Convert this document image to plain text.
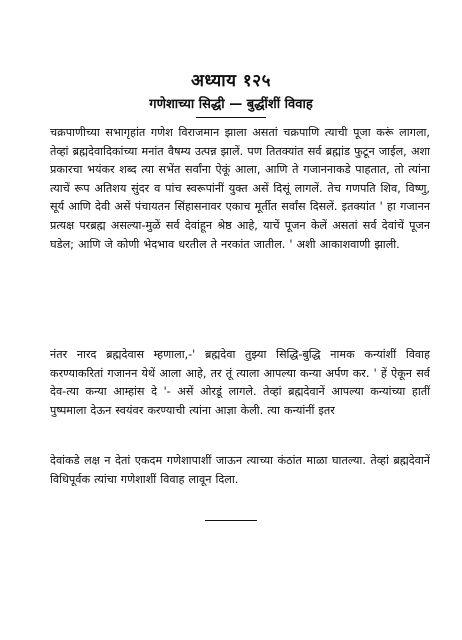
अध्याय १२५
गणेशाच्या सिद्धी — बुद्धींशीं विवाह

चक्रपाणीच्या सभागृहांत गणेश विराजमान झाला असतां चक्रपाणि त्याची पूजा करूं लागला, तेव्हां ब्रह्मदेवादिकांच्या मनांत वैषम्य उत्पन्न झालें. पण तितक्यांत सर्व ब्रह्मांड फुटून जाईल, अशा प्रकारचा भयंकर शब्द त्या सभेंत सर्वांना ऐकूं आला, आणि ते गजाननाकडे पाहतात, तो त्यांना त्याचें रूप अतिशय सुंदर व पांच स्वरूपांनीं युक्त असें दिसूं लागलें. तेच गणपति शिव, विष्णु, सूर्य आणि देवी असें पंचायतन सिंहासनावर एकाच मूर्तीत सर्वांस दिसलें. इतक्यांत ' हा गजानन प्रत्यक्ष परब्रह्म असल्या-मुळें सर्व देवांहून श्रेष्ठ आहे, याचें पूजन केलें असतां सर्व देवांचें पूजन घडेल; आणि जे कोणी भेदभाव धरतील ते नरकांत जातील. ' अशी आकाशवाणी झाली.

नंतर नारद ब्रह्मदेवास म्हणाला,-' ब्रह्मदेवा तुझ्या सिद्धि-बुद्धि नामक कन्यांशीं विवाह करण्याकरितां गजानन येथें आला आहे, तर तूं त्याला आपल्या कन्या अर्पण कर. ' हें ऐकून सर्व देव-त्या कन्या आम्हांस दे '- असें ओरडूं लागले. तेव्हां ब्रह्मदेवानें आपल्या कन्यांच्या हातीं पुष्पमाला देऊन स्वयंवर करण्याची त्यांना आज्ञा केली. त्या कन्यांनीं इतर

देवांकडे लक्ष न देतां एकदम गणेशापाशीं जाऊन त्याच्या कंठांत माळा घातल्या. तेव्हां ब्रह्मदेवानें विधिपूर्वक त्यांचा गणेशाशीं विवाह लावून दिला.
